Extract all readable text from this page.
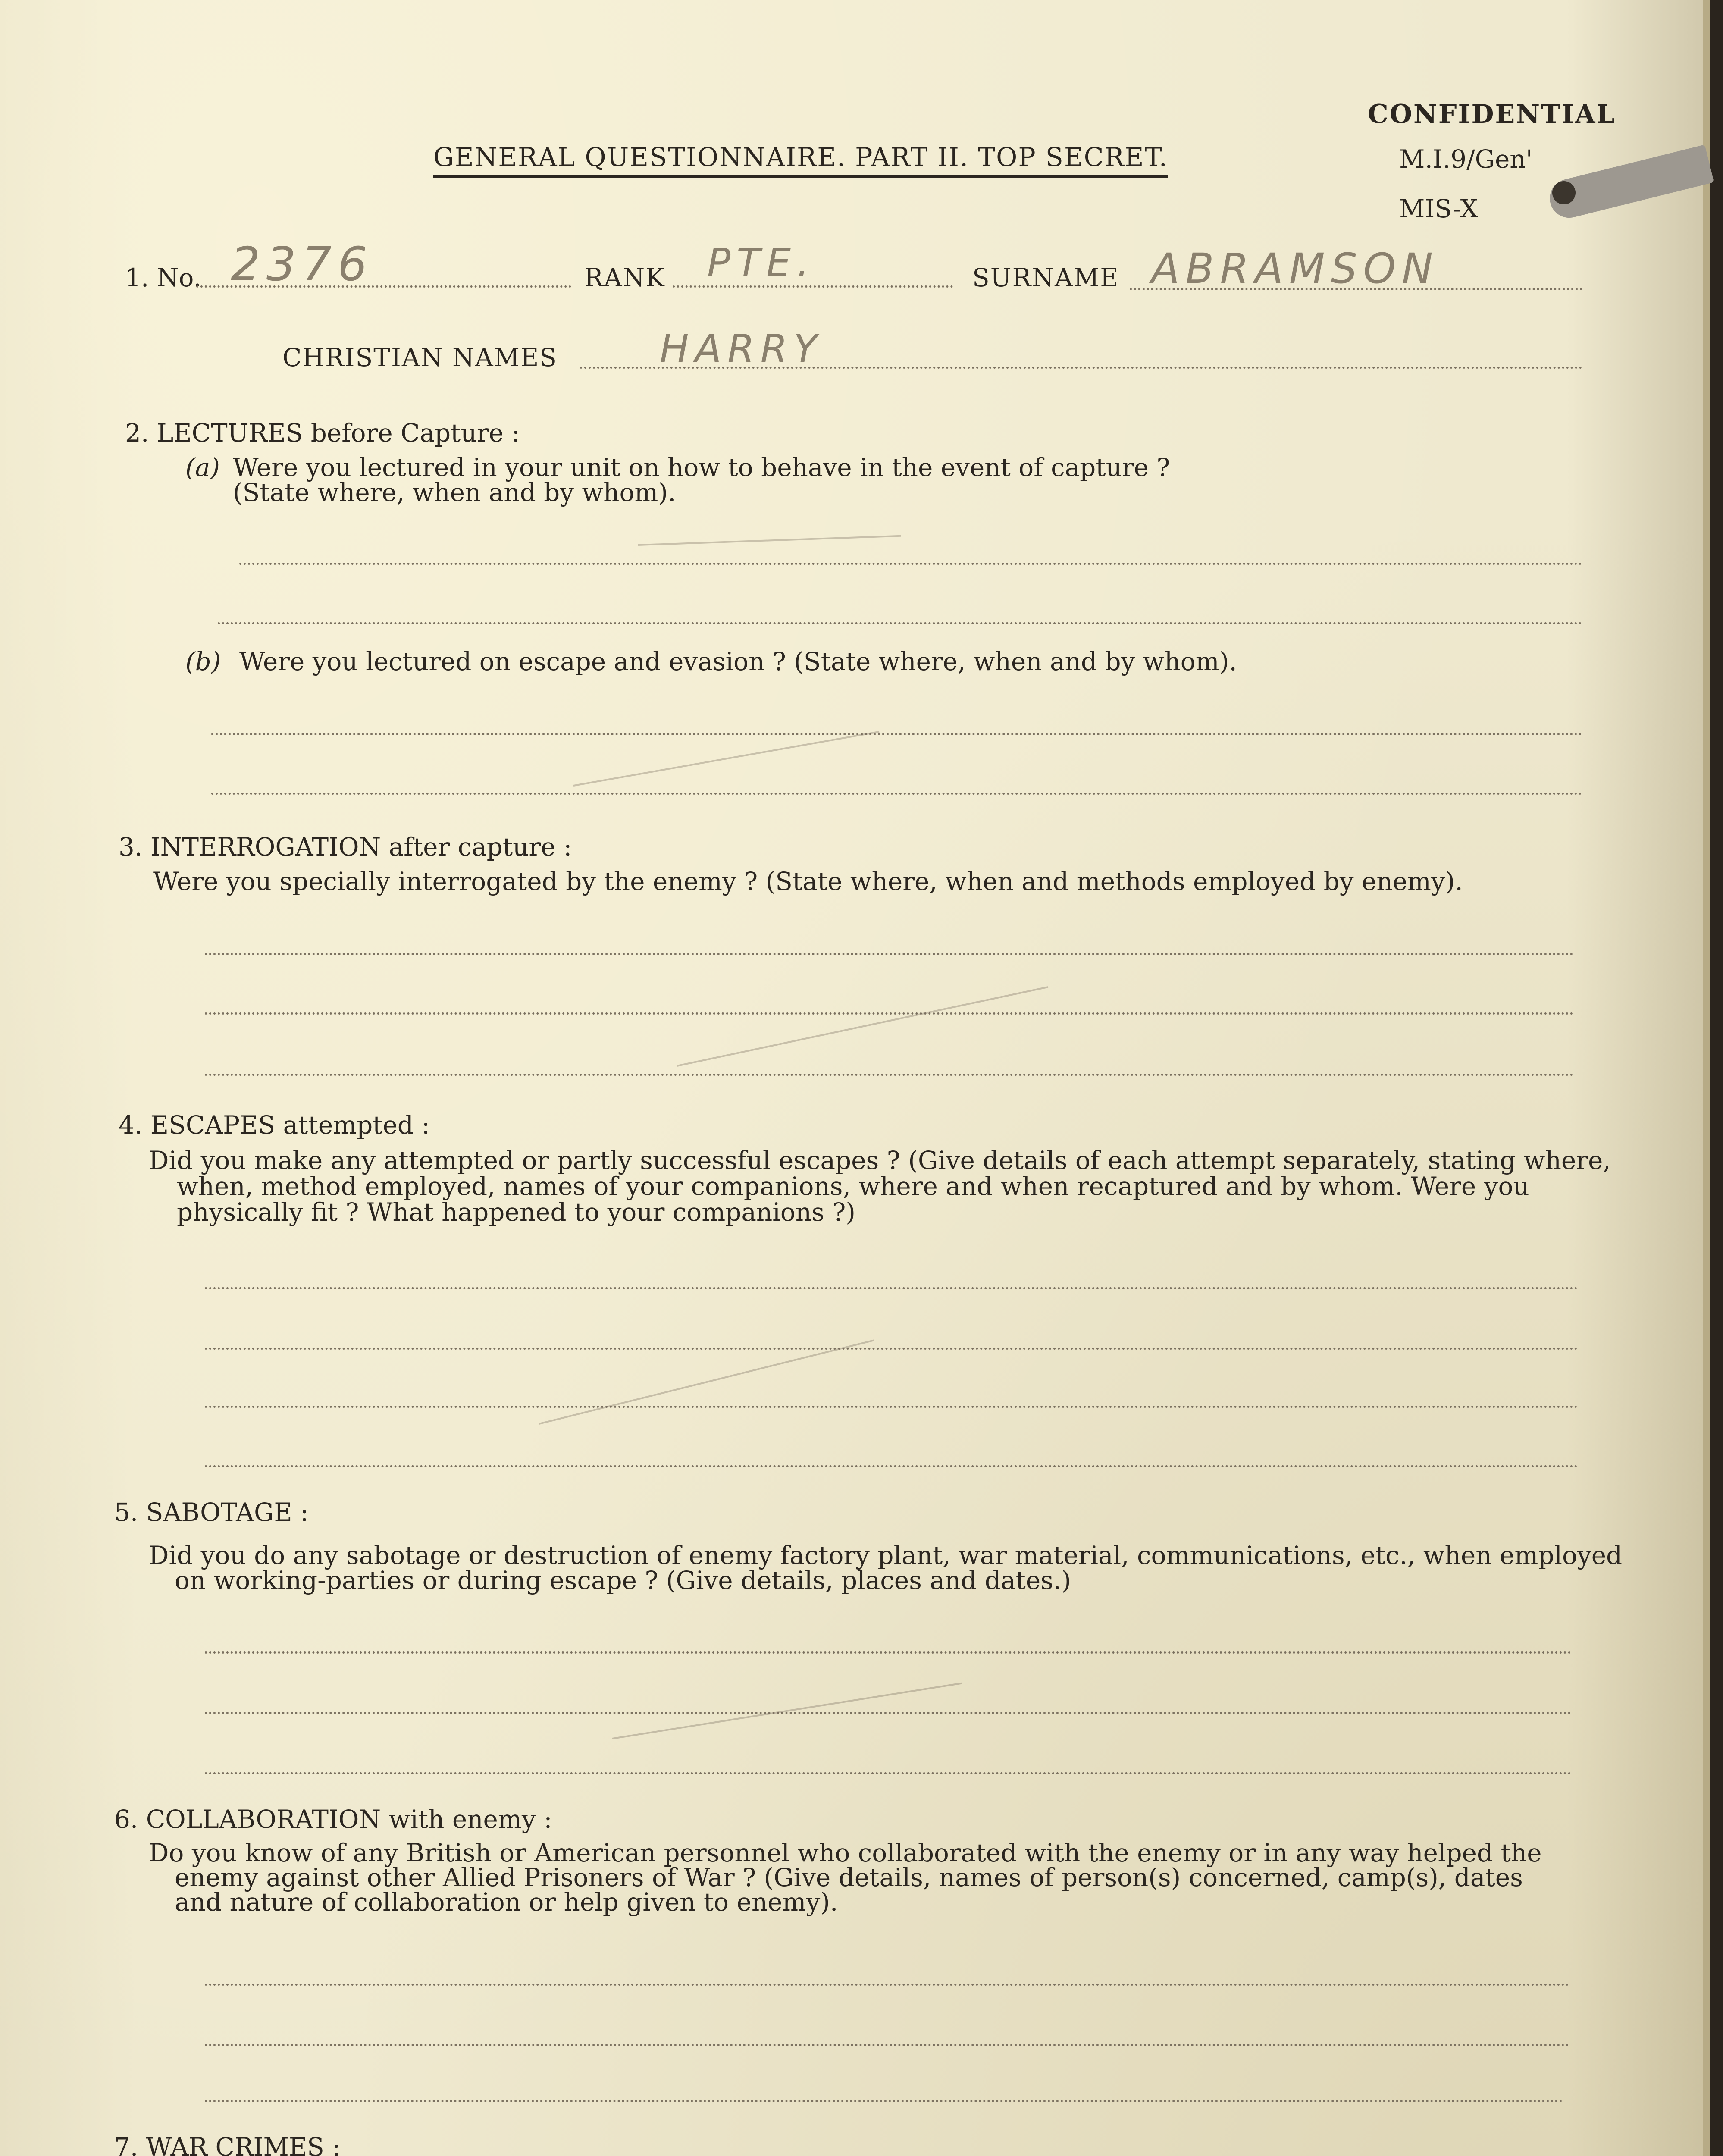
GENERAL QUESTIONNAIRE. PART II. TOP SECRET.
CONFIDENTIAL
M.I.9/Gen'
MIS-X
1. No. 2376	RANK PTE.	SURNAME ABRAMSON
CHRISTIAN NAMES	HARRY
2. LECTURES before Capture :
(a) Were you lectured in your unit on how to behave in the event of capture ?
(State where, when and by whom).
(b) Were you lectured on escape and evasion ? (State where, when and by whom).
3. INTERROGATION after capture :
Were you specially interrogated by the enemy ? (State where, when and methods employed by enemy).
4. ESCAPES attempted :
Did you make any attempted or partly successful escapes ? (Give details of each attempt separately, stating where,
when, method employed, names of your companions, where and when recaptured and by whom. Were you
physically fit ? What happened to your companions ?)
5. SABOTAGE :
Did you do any sabotage or destruction of enemy factory plant, war material, communications, etc., when employed
on working-parties or during escape ? (Give details, places and dates.)
6. COLLABORATION with enemy :
Do you know of any British or American personnel who collaborated with the enemy or in any way helped the
enemy against other Allied Prisoners of War ? (Give details, names of person(s) concerned, camp(s), dates
and nature of collaboration or help given to enemy).
7. WAR CRIMES :
